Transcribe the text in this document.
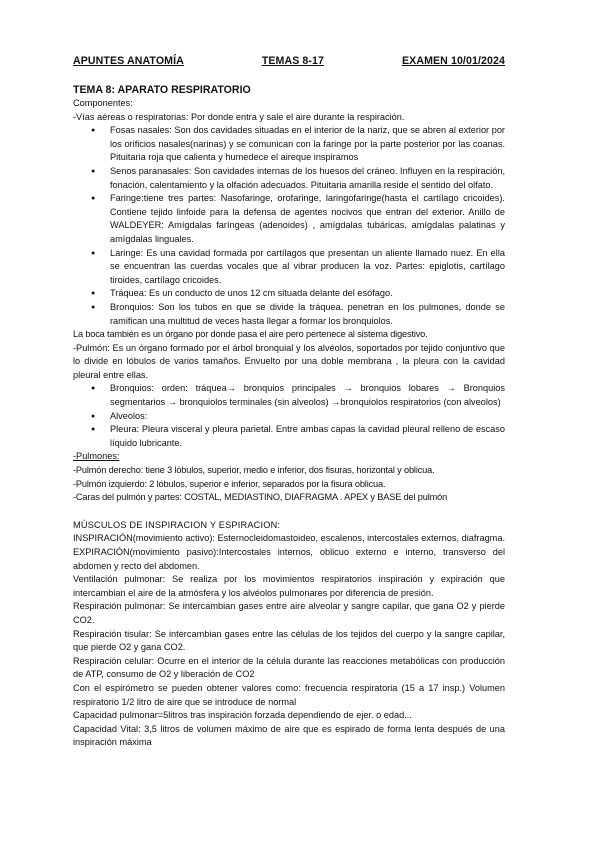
APUNTES ANATOMÍA	TEMAS 8-17	EXAMEN 10/01/2024
TEMA 8: APARATO RESPIRATORIO

Componentes:

-Vías aéreas o respiratorias: Por donde entra y sale el aire durante la respiración.

● Fosas nasales: Son dos cavidades situadas en el interior de la nariz, que se abren al exterior por los orificios nasales(narinas) y se comunican con la faringe por la parte posterior por las coanas. Pituitaria roja que calienta y humedece el aireque inspiramos
● Senos paranasales: Son cavidades internas de los huesos del cráneo. Influyen en la respiración, fonación, calentamiento y la olfación adecuados. Pituitaria amarilla reside el sentido del olfato.
● Faringe:tiene tres partes: Nasofaringe, orofaringe, laringofaringe(hasta el cartílago cricoides). Contiene tejido linfoide para la defensa de agentes nocivos que entran del exterior. Anillo de WALDEYER: Amígdalas faríngeas (adenoides) , amígdalas tubáricas, amígdalas palatinas y amígdalas linguales.
● Laringe: Es una cavidad formada por cartílagos que presentan un aliente llamado nuez. En ella se encuentran las cuerdas vocales que al vibrar producen la voz. Partes: epiglotis, cartílago tiroides, cartílago cricoides.
● Tráquea: Es un conducto de unos 12 cm situada delante del esófago.
● Bronquios: Son los tubos en que se divide la tráquea. penetran en los pulmones, donde se ramifican una multitud de veces hasta llegar a formar los bronquiolos.

La boca también es un órgano por donde pasa el aire pero pertenece al sistema digestivo.

-Pulmón: Es un órgano formado por el árbol bronquial y los alvéolos, soportados por tejido conjuntivo que lo divide en lóbulos de varios tamaños. Envuelto por una doble membrana , la pleura con la cavidad pleural entre ellas.

● Bronquios: orden: tráquea→ bronquios principales → bronquios lobares → Bronquios segmentarios → bronquiolos terminales (sin alveolos) →bronquiolos respiratorios (con alveolos)
● Alveolos:
● Pleura: Pleura visceral y pleura parietal. Entre ambas capas la cavidad pleural relleno de escaso líquido lubricante.

-Pulmones:

-Pulmón derecho: tiene 3 lóbulos, superior, medio e inferior, dos fisuras, horizontal y oblicua.

-Pulmón izquierdo: 2 lóbulos, superior e inferior, separados por la fisura oblicua.

-Caras del pulmón y partes: COSTAL, MEDIASTINO, DIAFRAGMA . APEX y BASE del pulmón

MÚSCULOS DE INSPIRACION Y ESPIRACION:

INSPIRACIÓN(movimiento activo): Esternocleidomastoideo, escalenos, intercostales externos, diafragma.

EXPIRACIÓN(movimiento pasivo):Intercostales internos, oblicuo externo e interno, transverso del abdomen y recto del abdomen.

Ventilación pulmonar: Se realiza por los movimientos respiratorios inspiración y expiración que intercambian el aire de la atmósfera y los alvéolos pulmonares por diferencia de presión.

Respiración pulmonar: Se intercambian gases entre aire alveolar y sangre capilar, que gana O2 y pierde CO2.

Respiración tisular: Se intercambian gases entre las células de los tejidos del cuerpo y la sangre capilar, que pierde O2 y gana CO2.

Respiración celular: Ocurre en el interior de la célula durante las reacciones metabólicas con producción de ATP, consumo de O2 y liberación de CO2

Con el espirómetro se pueden obtener valores como: frecuencia respiratoria (15 a 17 insp.) Volumen respiratorio 1/2 litro de aire que se introduce de normal

Capacidad pulmonar=5litros tras inspiración forzada dependiendo de ejer. o edad...

Capacidad Vital: 3,5 litros de volumen máximo de aire que es espirado de forma lenta después de una inspiración máxima
